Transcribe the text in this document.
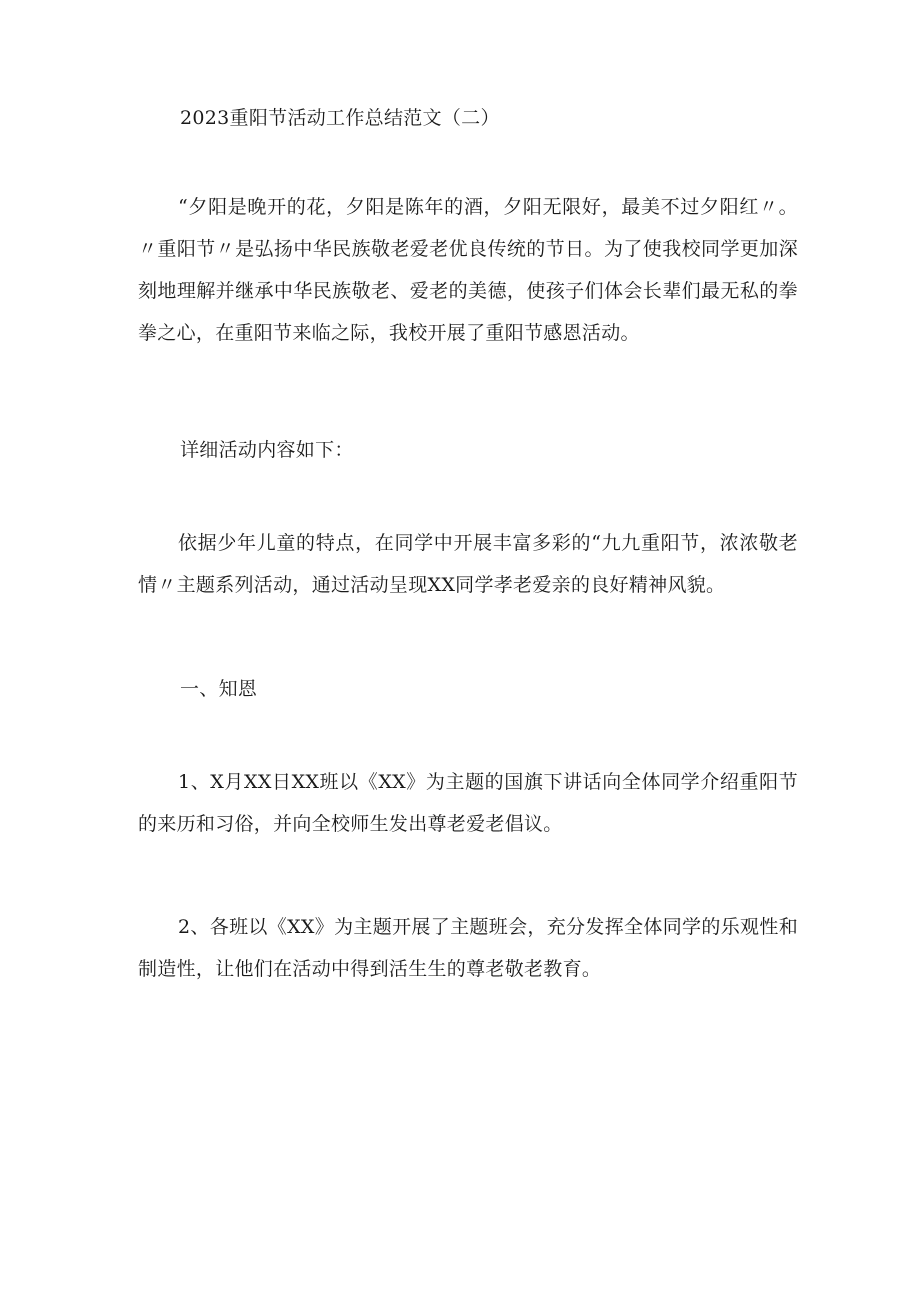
2023重阳节活动工作总结范文（二）

“夕阳是晚开的花，夕阳是陈年的酒，夕阳无限好，最美不过夕阳红〃。〃重阳节〃是弘扬中华民族敬老爱老优良传统的节日。为了使我校同学更加深刻地理解并继承中华民族敬老、爱老的美德，使孩子们体会长辈们最无私的拳拳之心，在重阳节来临之际，我校开展了重阳节感恩活动。

详细活动内容如下：

依据少年儿童的特点，在同学中开展丰富多彩的“九九重阳节，浓浓敬老情〃主题系列活动，通过活动呈现XX同学孝老爱亲的良好精神风貌。

一、知恩

1、X月XX日XX班以《XX》为主题的国旗下讲话向全体同学介绍重阳节的来历和习俗，并向全校师生发出尊老爱老倡议。

2、各班以《XX》为主题开展了主题班会，充分发挥全体同学的乐观性和制造性，让他们在活动中得到活生生的尊老敬老教育。
